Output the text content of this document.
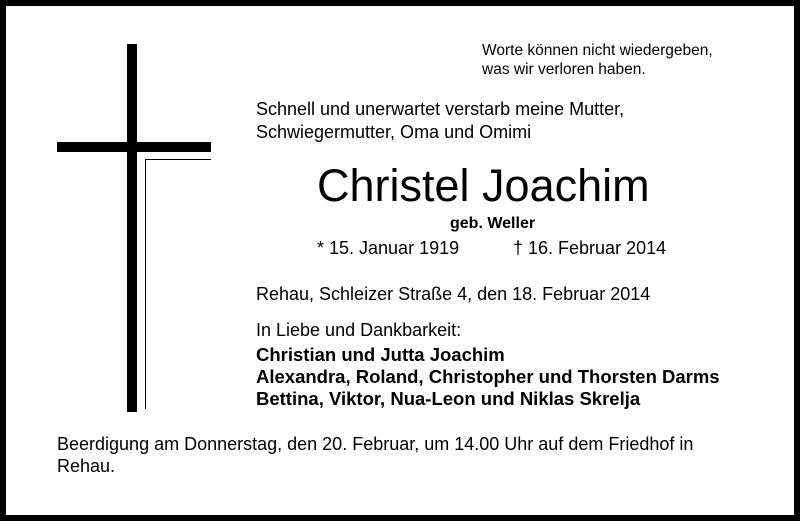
Worte können nicht wiedergeben,
was wir verloren haben.
Schnell und unerwartet verstarb meine Mutter,
Schwiegermutter, Oma und Omimi
Christel Joachim
geb. Weller
* 15. Januar 1919	† 16. Februar 2014
Rehau, Schleizer Straße 4, den 18. Februar 2014
In Liebe und Dankbarkeit:
Christian und Jutta Joachim
Alexandra, Roland, Christopher und Thorsten Darms
Bettina, Viktor, Nua-Leon und Niklas Skrelja
Beerdigung am Donnerstag, den 20. Februar, um 14.00 Uhr auf dem Friedhof in Rehau.
